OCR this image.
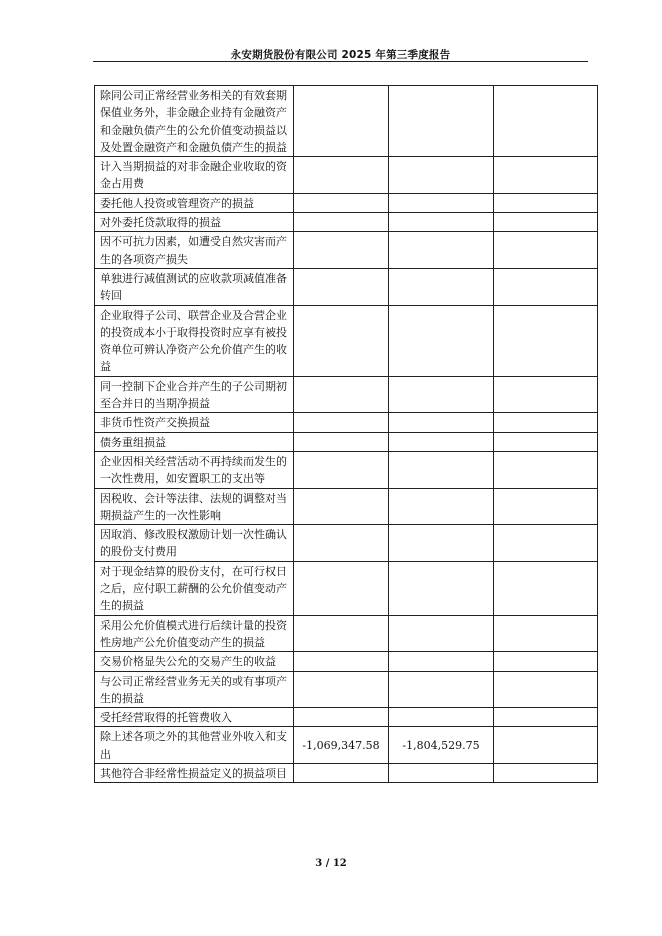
永安期货股份有限公司 2025 年第三季度报告
除同公司正常经营业务相关的有效套期保值业务外，非金融企业持有金融资产和金融负债产生的公允价值变动损益以及处置金融资产和金融负债产生的损益			
计入当期损益的对非金融企业收取的资金占用费			
委托他人投资或管理资产的损益			
对外委托贷款取得的损益			
因不可抗力因素，如遭受自然灾害而产生的各项资产损失			
单独进行减值测试的应收款项减值准备转回			
企业取得子公司、联营企业及合营企业的投资成本小于取得投资时应享有被投资单位可辨认净资产公允价值产生的收益			
同一控制下企业合并产生的子公司期初至合并日的当期净损益			
非货币性资产交换损益			
债务重组损益			
企业因相关经营活动不再持续而发生的一次性费用，如安置职工的支出等			
因税收、会计等法律、法规的调整对当期损益产生的一次性影响			
因取消、修改股权激励计划一次性确认的股份支付费用			
对于现金结算的股份支付，在可行权日之后，应付职工薪酬的公允价值变动产生的损益			
采用公允价值模式进行后续计量的投资性房地产公允价值变动产生的损益			
交易价格显失公允的交易产生的收益			
与公司正常经营业务无关的或有事项产生的损益			
受托经营取得的托管费收入			
除上述各项之外的其他营业外收入和支出	-1,069,347.58	-1,804,529.75	
其他符合非经常性损益定义的损益项目			
3 / 12
